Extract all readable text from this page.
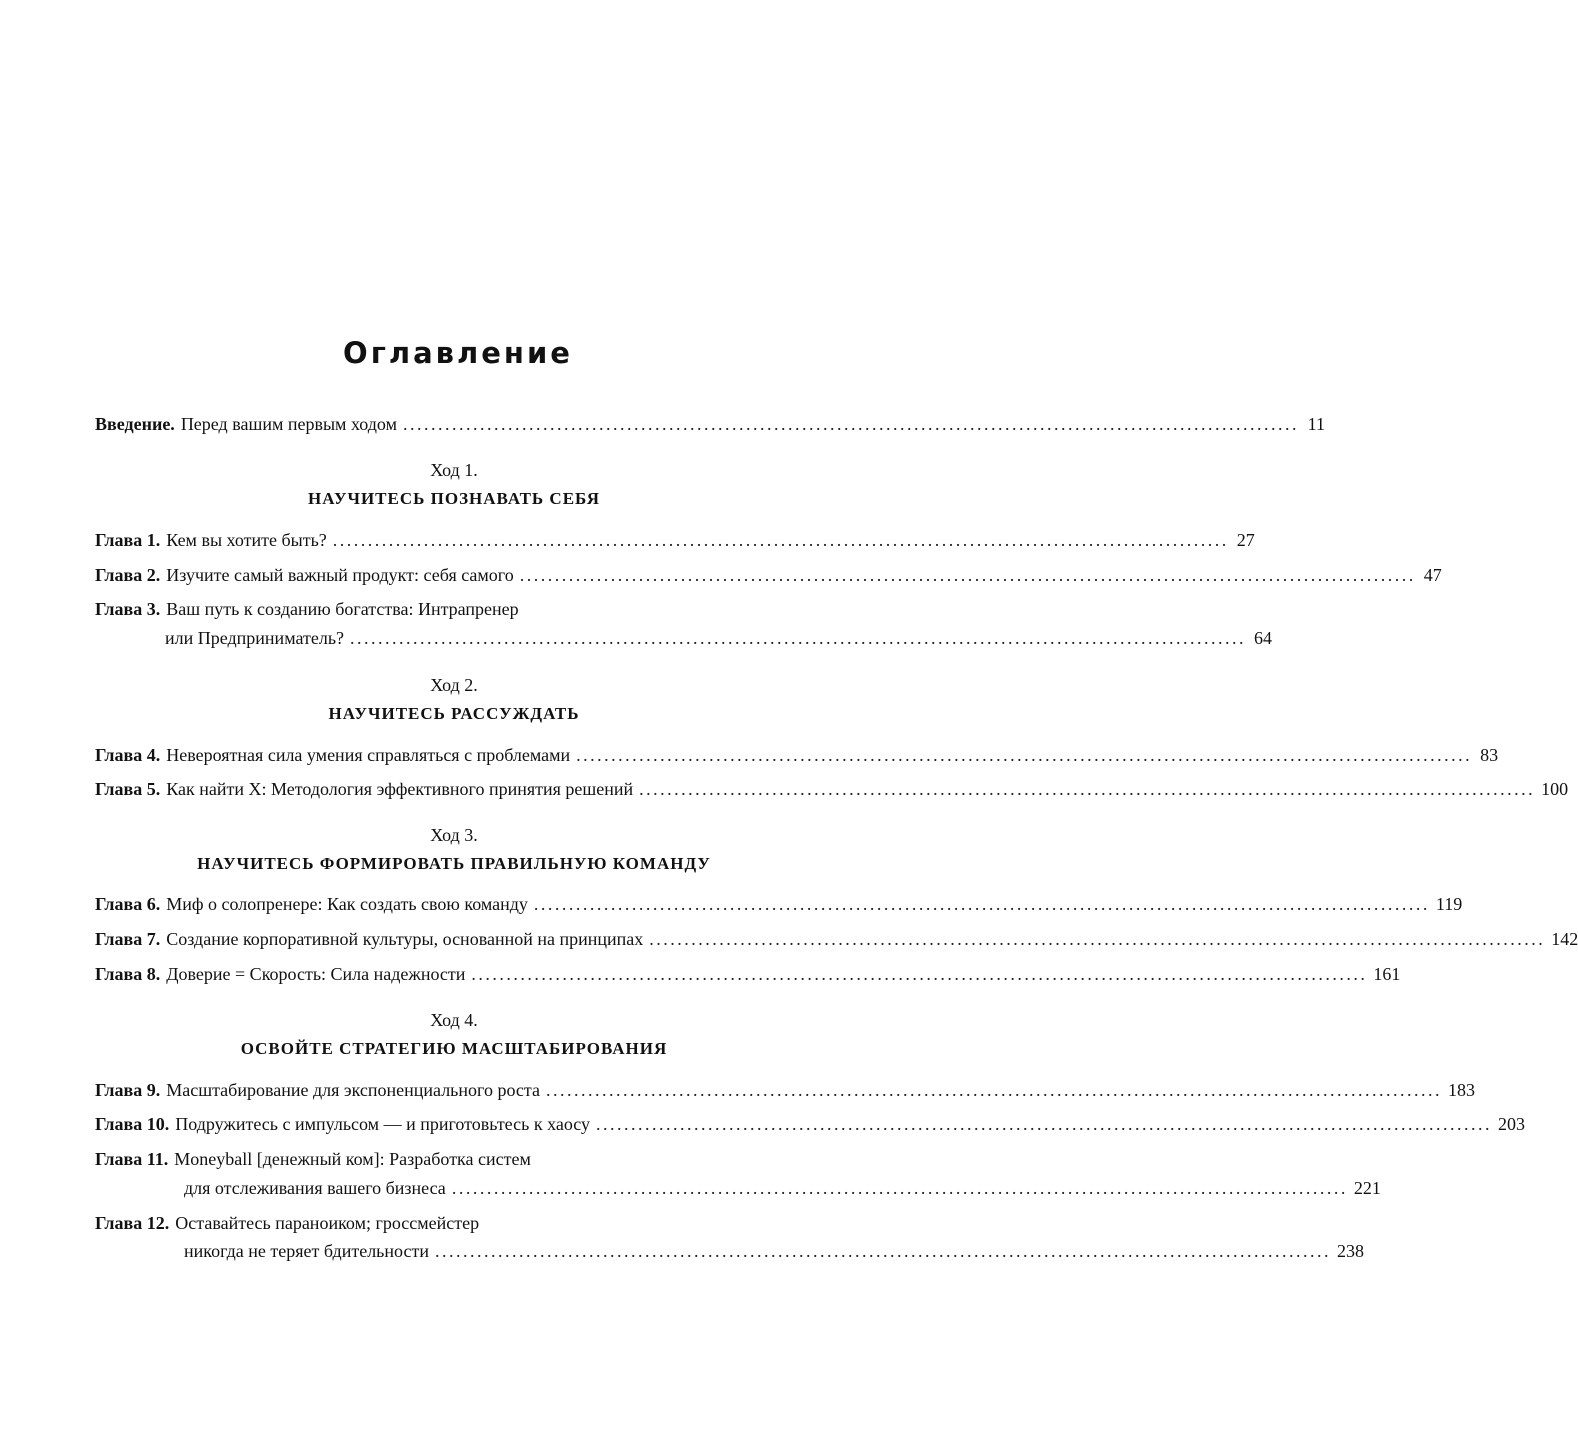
Оглавление
Введение. Перед вашим первым ходом ................................................................................................................................ 11
Ход 1.
НАУЧИТЕСЬ ПОЗНАВАТЬ СЕБЯ
Глава 1. Кем вы хотите быть? ................................................................................................................................ 27
Глава 2. Изучите самый важный продукт: себя самого ................................................................................................................................ 47
Глава 3. Ваш путь к созданию богатства: Интрапренер
или Предприниматель? ................................................................................................................................ 64
Ход 2.
НАУЧИТЕСЬ РАССУЖДАТЬ
Глава 4. Невероятная сила умения справляться с проблемами ................................................................................................................................ 83
Глава 5. Как найти X: Методология эффективного принятия решений ................................................................................................................................ 100
Ход 3.
НАУЧИТЕСЬ ФОРМИРОВАТЬ ПРАВИЛЬНУЮ КОМАНДУ
Глава 6. Миф о солопренере: Как создать свою команду ................................................................................................................................ 119
Глава 7. Создание корпоративной культуры, основанной на принципах ................................................................................................................................ 142
Глава 8. Доверие = Скорость: Сила надежности ................................................................................................................................ 161
Ход 4.
ОСВОЙТЕ СТРАТЕГИЮ МАСШТАБИРОВАНИЯ
Глава 9. Масштабирование для экспоненциального роста ................................................................................................................................ 183
Глава 10. Подружитесь с импульсом — и приготовьтесь к хаосу ................................................................................................................................ 203
Глава 11. Moneyball [денежный ком]: Разработка систем
для отслеживания вашего бизнеса ................................................................................................................................ 221
Глава 12. Оставайтесь параноиком; гроссмейстер
никогда не теряет бдительности ................................................................................................................................ 238
